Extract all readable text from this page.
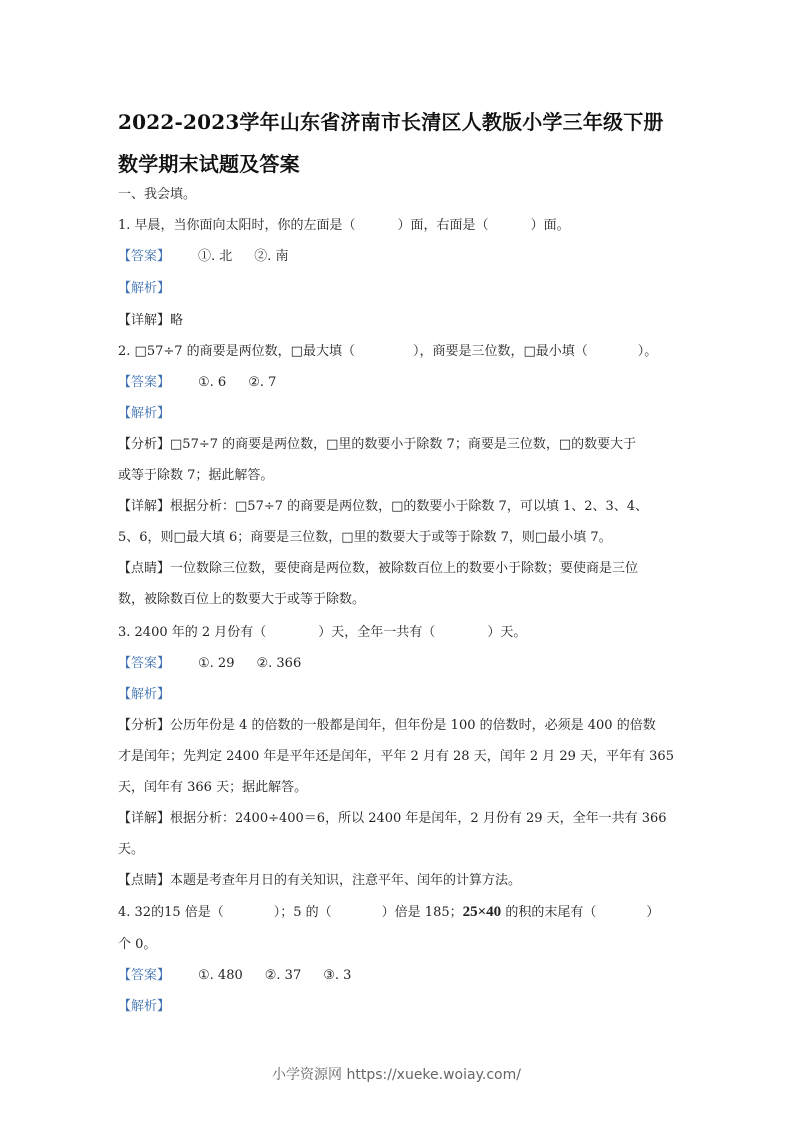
2022-2023学年山东省济南市长清区人教版小学三年级下册
数学期末试题及答案
一、我会填。
1. 早晨，当你面向太阳时，你的左面是（	）面，右面是（	）面。
【答案】 ①. 北 ②. 南
【解析】
【详解】略
2. □57÷7 的商要是两位数，□最大填（	），商要是三位数，□最小填（	）。
【答案】 ①. 6 ②. 7
【解析】
【分析】□57÷7 的商要是两位数，□里的数要小于除数 7；商要是三位数，□的数要大于
或等于除数 7；据此解答。
【详解】根据分析：□57÷7 的商要是两位数，□的数要小于除数 7，可以填 1、2、3、4、
5、6，则□最大填 6；商要是三位数，□里的数要大于或等于除数 7，则□最小填 7。
【点睛】一位数除三位数，要使商是两位数，被除数百位上的数要小于除数；要使商是三位
数，被除数百位上的数要大于或等于除数。
3. 2400 年的 2 月份有（	）天，全年一共有（	）天。
【答案】 ①. 29 ②. 366
【解析】
【分析】公历年份是 4 的倍数的一般都是闰年，但年份是 100 的倍数时，必须是 400 的倍数
才是闰年；先判定 2400 年是平年还是闰年，平年 2 月有 28 天，闰年 2 月 29 天，平年有 365
天，闰年有 366 天；据此解答。
【详解】根据分析：2400÷400＝6，所以 2400 年是闰年，2 月份有 29 天，全年一共有 366
天。
【点睛】本题是考查年月日的有关知识，注意平年、闰年的计算方法。
4. 32的15 倍是（	）；5 的（	）倍是 185；25×40 的积的末尾有（	）
个 0。
【答案】 ①. 480 ②. 37 ③. 3
【解析】
小学资源网 https://xueke.woiay.com/
